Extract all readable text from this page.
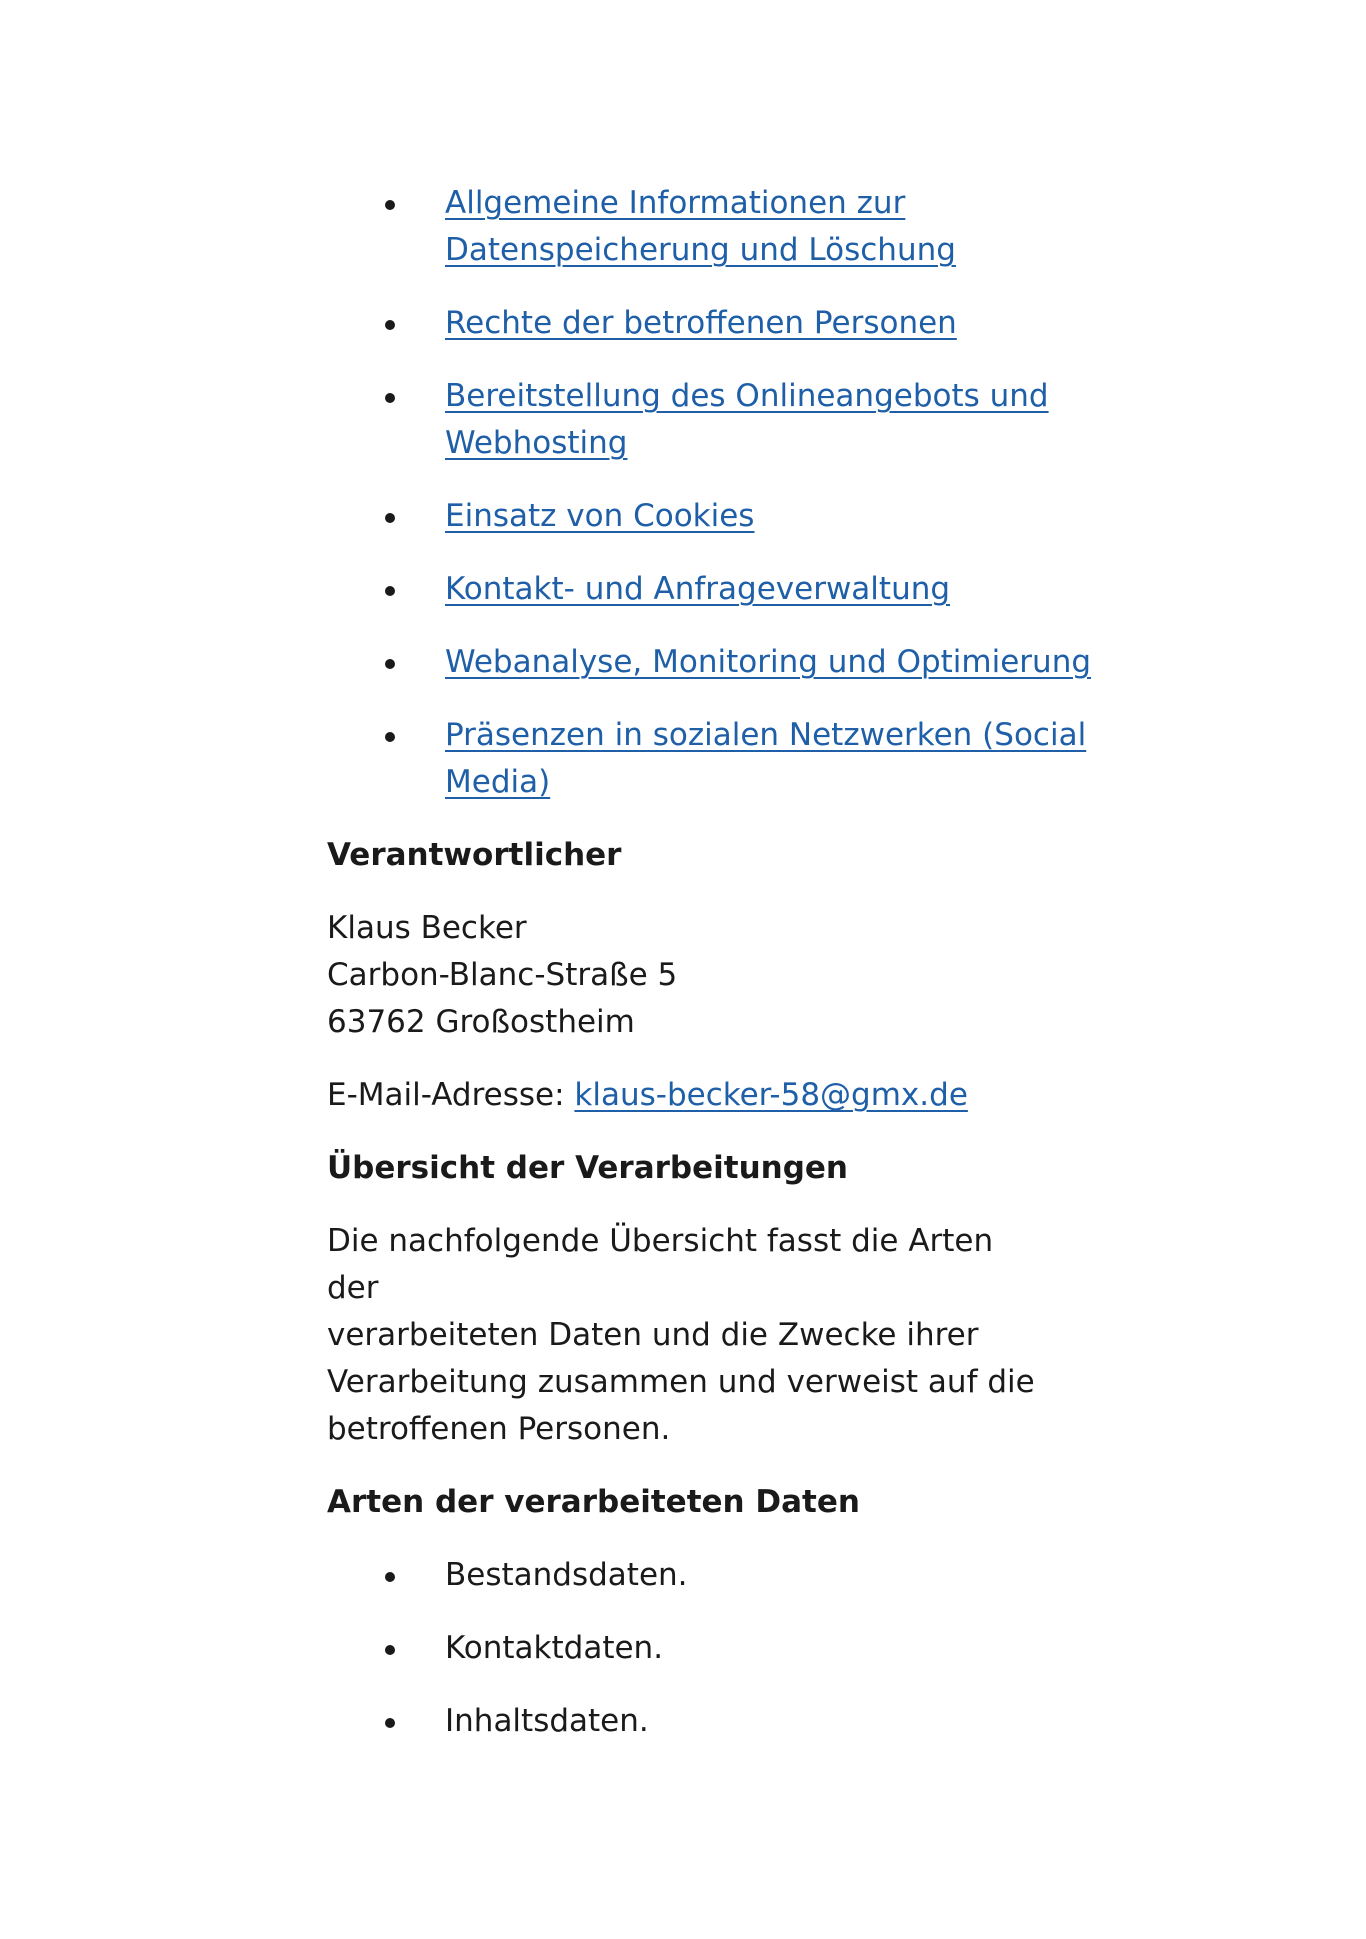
Allgemeine Informationen zur
Datenspeicherung und Löschung
Rechte der betroffenen Personen
Bereitstellung des Onlineangebots und
Webhosting
Einsatz von Cookies
Kontakt- und Anfrageverwaltung
Webanalyse, Monitoring und Optimierung
Präsenzen in sozialen Netzwerken (Social
Media)
Verantwortlicher

Klaus Becker
Carbon-Blanc-Straße 5
63762 Großostheim

E-Mail-Adresse: klaus-becker-58@gmx.de

Übersicht der Verarbeitungen

Die nachfolgende Übersicht fasst die Arten der
verarbeiteten Daten und die Zwecke ihrer
Verarbeitung zusammen und verweist auf die
betroffenen Personen.

Arten der verarbeiteten Daten
Bestandsdaten.
Kontaktdaten.
Inhaltsdaten.
